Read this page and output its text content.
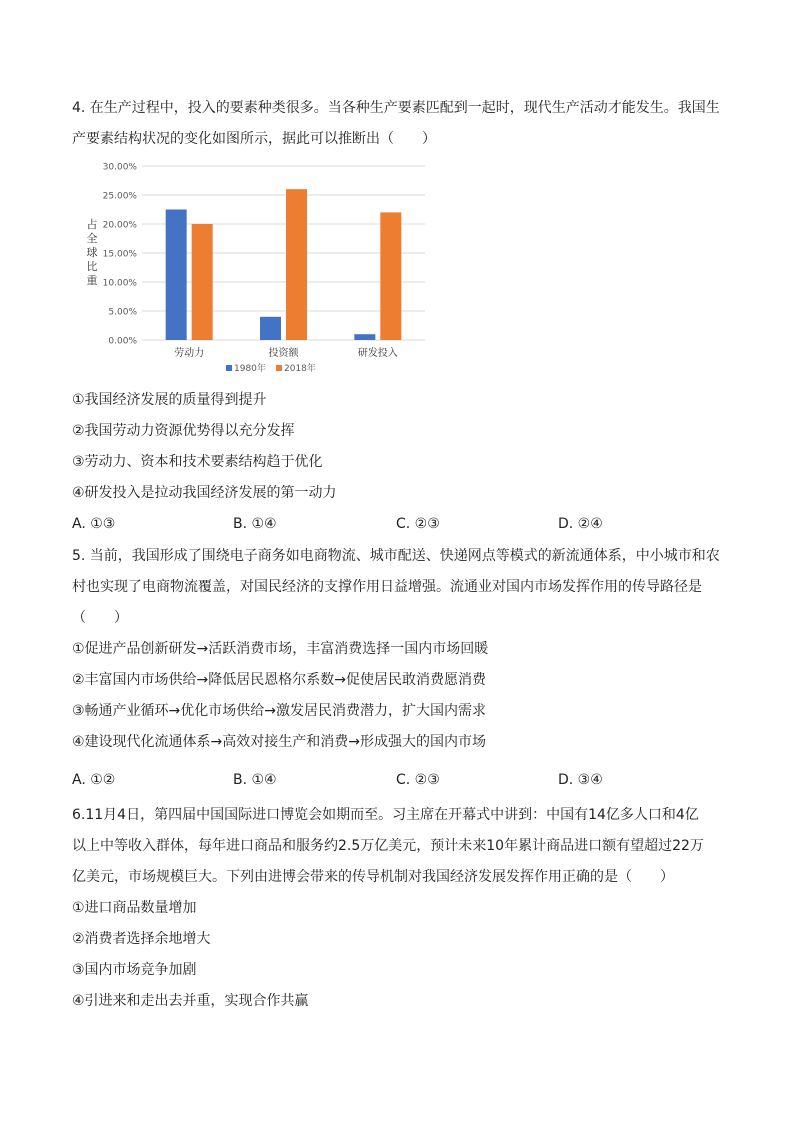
4. 在生产过程中，投入的要素种类很多。当各种生产要素匹配到一起时，现代生产活动才能发生。我国生
产要素结构状况的变化如图所示，据此可以推断出（　　）
0.00%
5.00%
10.00%
15.00%
20.00%
25.00%
30.00%
劳动力	投资额	研发投入
占全球比重
1980年 2018年
①我国经济发展的质量得到提升
②我国劳动力资源优势得以充分发挥
③劳动力、资本和技术要素结构趋于优化
④研发投入是拉动我国经济发展的第一动力
A. ①③	B. ①④	C. ②③	D. ②④
5. 当前，我国形成了围绕电子商务如电商物流、城市配送、快递网点等模式的新流通体系，中小城市和农
村也实现了电商物流覆盖，对国民经济的支撑作用日益增强。流通业对国内市场发挥作用的传导路径是
（　　）
①促进产品创新研发→活跃消费市场，丰富消费选择一国内市场回暖
②丰富国内市场供给→降低居民恩格尔系数→促使居民敢消费愿消费
③畅通产业循环→优化市场供给→激发居民消费潜力，扩大国内需求
④建设现代化流通体系→高效对接生产和消费→形成强大的国内市场
A. ①②	B. ①④	C. ②③	D. ③④
6.11月4日，第四届中国国际进口博览会如期而至。习主席在开幕式中讲到：中国有14亿多人口和4亿
以上中等收入群体，每年进口商品和服务约2.5万亿美元，预计未来10年累计商品进口额有望超过22万
亿美元，市场规模巨大。下列由进博会带来的传导机制对我国经济发展发挥作用正确的是（　　）
①进口商品数量增加
②消费者选择余地增大
③国内市场竞争加剧
④引进来和走出去并重，实现合作共赢
